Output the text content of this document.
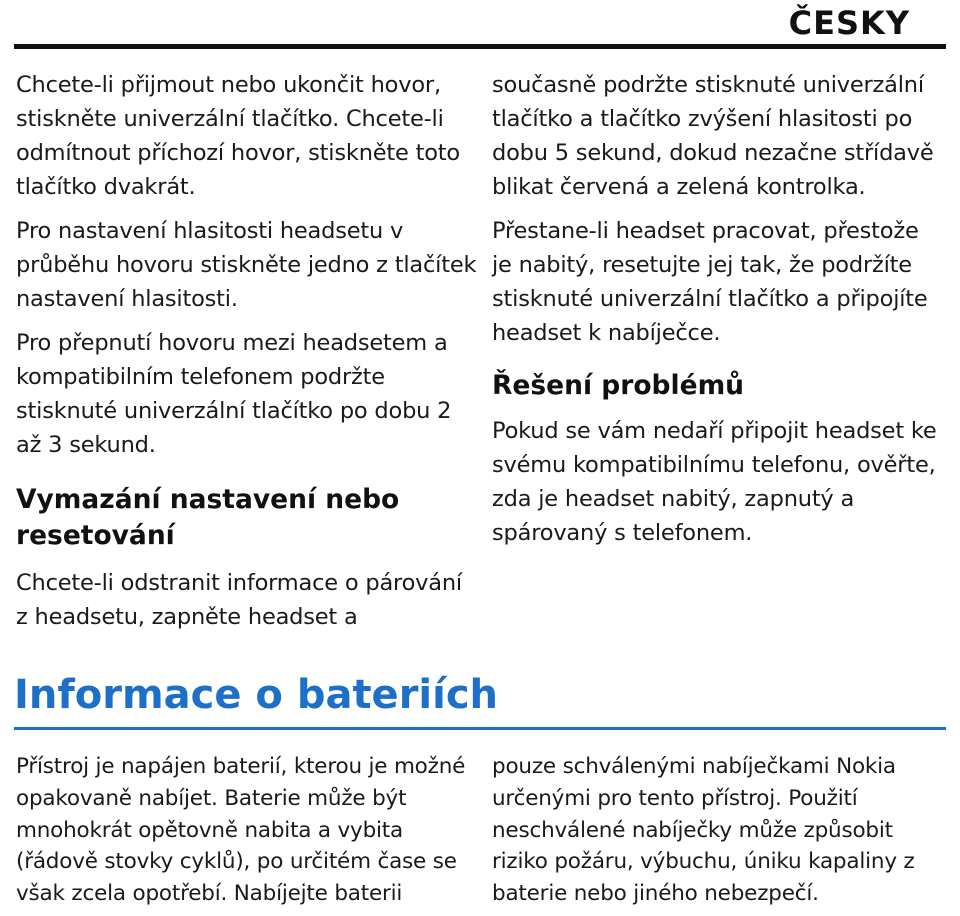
ČESKY

Chcete-li přijmout nebo ukončit hovor, stiskněte univerzální tlačítko. Chcete-li odmítnout příchozí hovor, stiskněte toto tlačítko dvakrát.

Pro nastavení hlasitosti headsetu v průběhu hovoru stiskněte jedno z tlačítek nastavení hlasitosti.

Pro přepnutí hovoru mezi headsetem a kompatibilním telefonem podržte stisknuté univerzální tlačítko po dobu 2 až 3 sekund.

Vymazání nastavení nebo resetování

Chcete-li odstranit informace o párování z headsetu, zapněte headset a

současně podržte stisknuté univerzální tlačítko a tlačítko zvýšení hlasitosti po dobu 5 sekund, dokud nezačne střídavě blikat červená a zelená kontrolka.

Přestane-li headset pracovat, přestože je nabitý, resetujte jej tak, že podržíte stisknuté univerzální tlačítko a připojíte headset k nabíječce.

Řešení problémů

Pokud se vám nedaří připojit headset ke svému kompatibilnímu telefonu, ověřte, zda je headset nabitý, zapnutý a spárovaný s telefonem.

Informace o bateriích

Přístroj je napájen baterií, kterou je možné opakovaně nabíjet. Baterie může být mnohokrát opětovně nabita a vybita (řádově stovky cyklů), po určitém čase se však zcela opotřebí. Nabíjejte baterii

pouze schválenými nabíječkami Nokia určenými pro tento přístroj. Použití neschválené nabíječky může způsobit riziko požáru, výbuchu, úniku kapaliny z baterie nebo jiného nebezpečí.
